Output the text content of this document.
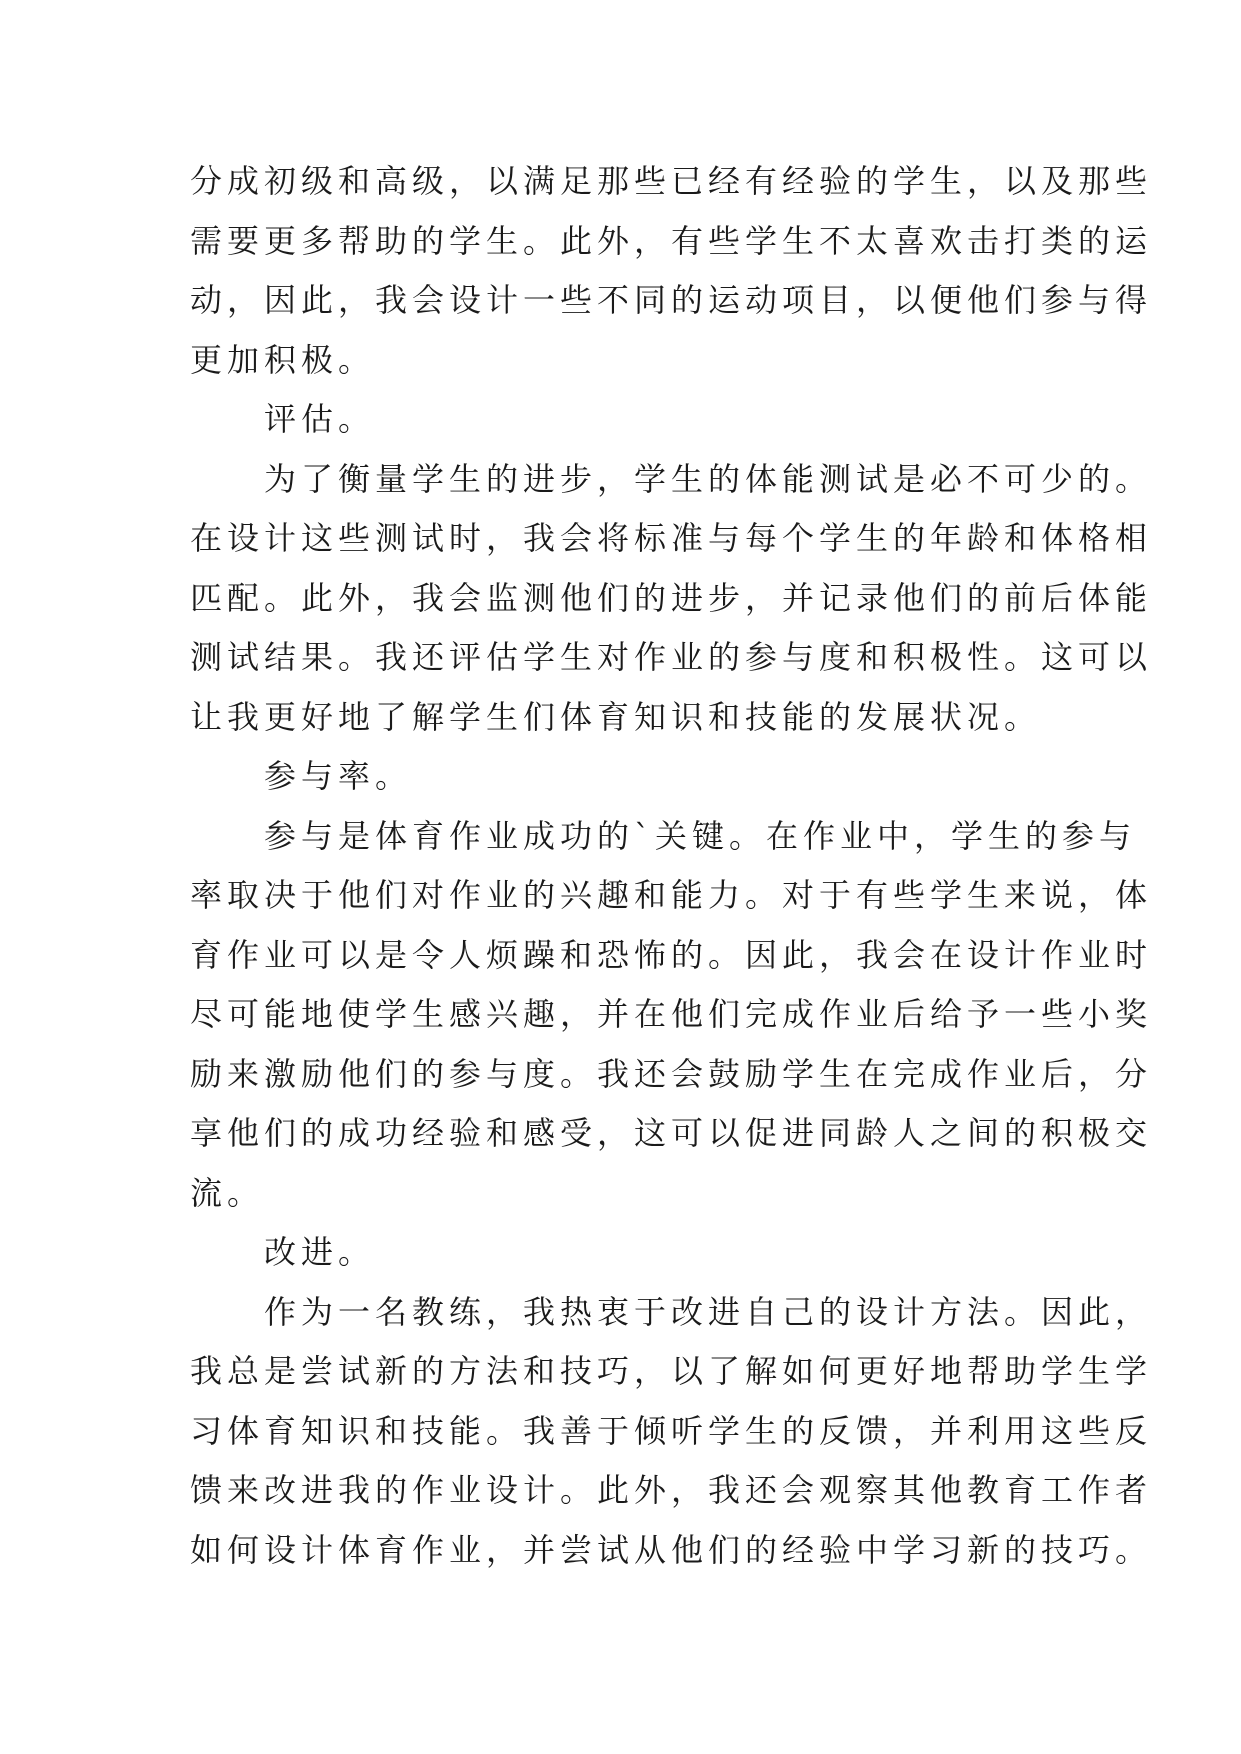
分成初级和高级，以满足那些已经有经验的学生，以及那些
需要更多帮助的学生。此外，有些学生不太喜欢击打类的运
动，因此，我会设计一些不同的运动项目，以便他们参与得
更加积极。
　　评估。
　　为了衡量学生的进步，学生的体能测试是必不可少的。
在设计这些测试时，我会将标准与每个学生的年龄和体格相
匹配。此外，我会监测他们的进步，并记录他们的前后体能
测试结果。我还评估学生对作业的参与度和积极性。这可以
让我更好地了解学生们体育知识和技能的发展状况。
　　参与率。
　　参与是体育作业成功的`关键。在作业中，学生的参与
率取决于他们对作业的兴趣和能力。对于有些学生来说，体
育作业可以是令人烦躁和恐怖的。因此，我会在设计作业时
尽可能地使学生感兴趣，并在他们完成作业后给予一些小奖
励来激励他们的参与度。我还会鼓励学生在完成作业后，分
享他们的成功经验和感受，这可以促进同龄人之间的积极交
流。
　　改进。
　　作为一名教练，我热衷于改进自己的设计方法。因此，
我总是尝试新的方法和技巧，以了解如何更好地帮助学生学
习体育知识和技能。我善于倾听学生的反馈，并利用这些反
馈来改进我的作业设计。此外，我还会观察其他教育工作者
如何设计体育作业，并尝试从他们的经验中学习新的技巧。
